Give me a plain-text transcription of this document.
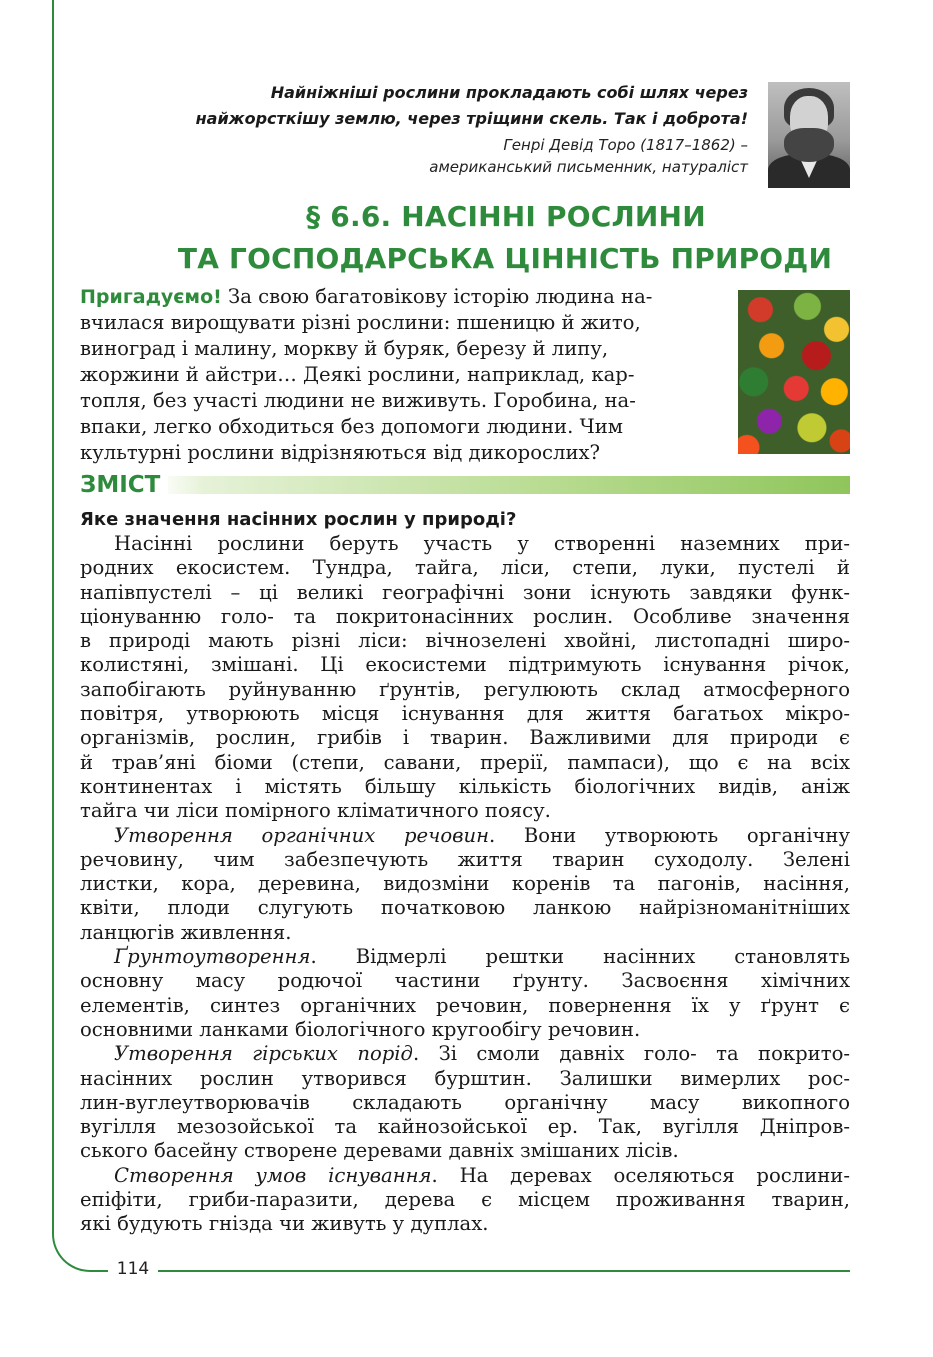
114
Найніжніші рослини прокладають собі шлях через
найжорсткішу землю, через тріщини скель. Так і доброта!
Генрі Девід Торо (1817–1862) –
американський письменник, натураліст
§ 6.6. НАСІННІ РОСЛИНИ
ТА ГОСПОДАРСЬКА ЦІННІСТЬ ПРИРОДИ
Пригадуємо! За свою багатовікову історію людина на-
вчилася вирощувати різні рослини: пшеницю й жито,
виноград і малину, моркву й буряк, березу й липу,
жоржини й айстри… Деякі рослини, наприклад, кар-
топля, без участі людини не виживуть. Горобина, на-
впаки, легко обходиться без допомоги людини. Чим
культурні рослини відрізняються від дикорослих?
ЗМІСТ
Яке значення насінних рослин у природі?
Насінні рослини беруть участь у створенні наземних при-
родних екосистем. Тундра, тайга, ліси, степи, луки, пустелі й
напівпустелі – ці великі географічні зони існують завдяки функ-
ціонуванню голо- та покритонасінних рослин. Особливе значення
в природі мають різні ліси: вічнозелені хвойні, листопадні широ-
колистяні, змішані. Ці екосистеми підтримують існування річок,
запобігають руйнуванню ґрунтів, регулюють склад атмосферного
повітря, утворюють місця існування для життя багатьох мікро-
організмів, рослин, грибів і тварин. Важливими для природи є
й трав’яні біоми (степи, савани, прерії, пампаси), що є на всіх
континентах і містять більшу кількість біологічних видів, аніж
тайга чи ліси помірного кліматичного поясу.
Утворення органічних речовин. Вони утворюють органічну
речовину, чим забезпечують життя тварин суходолу. Зелені
листки, кора, деревина, видозміни коренів та пагонів, насіння,
квіти, плоди слугують початковою ланкою найрізноманітніших
ланцюгів живлення.
Ґрунтоутворення. Відмерлі рештки насінних становлять
основну масу родючої частини ґрунту. Засвоєння хімічних
елементів, синтез органічних речовин, повернення їх у ґрунт є
основними ланками біологічного кругообігу речовин.
Утворення гірських порід. Зі смоли давніх голо- та покрито-
насінних рослин утворився бурштин. Залишки вимерлих рос-
лин-вуглеутворювачів складають органічну масу викопного
вугілля мезозойської та кайнозойської ер. Так, вугілля Дніпров-
ського басейну створене деревами давніх змішаних лісів.
Створення умов існування. На деревах оселяються рослини-
епіфіти, гриби-паразити, дерева є місцем проживання тварин,
які будують гнізда чи живуть у дуплах.
